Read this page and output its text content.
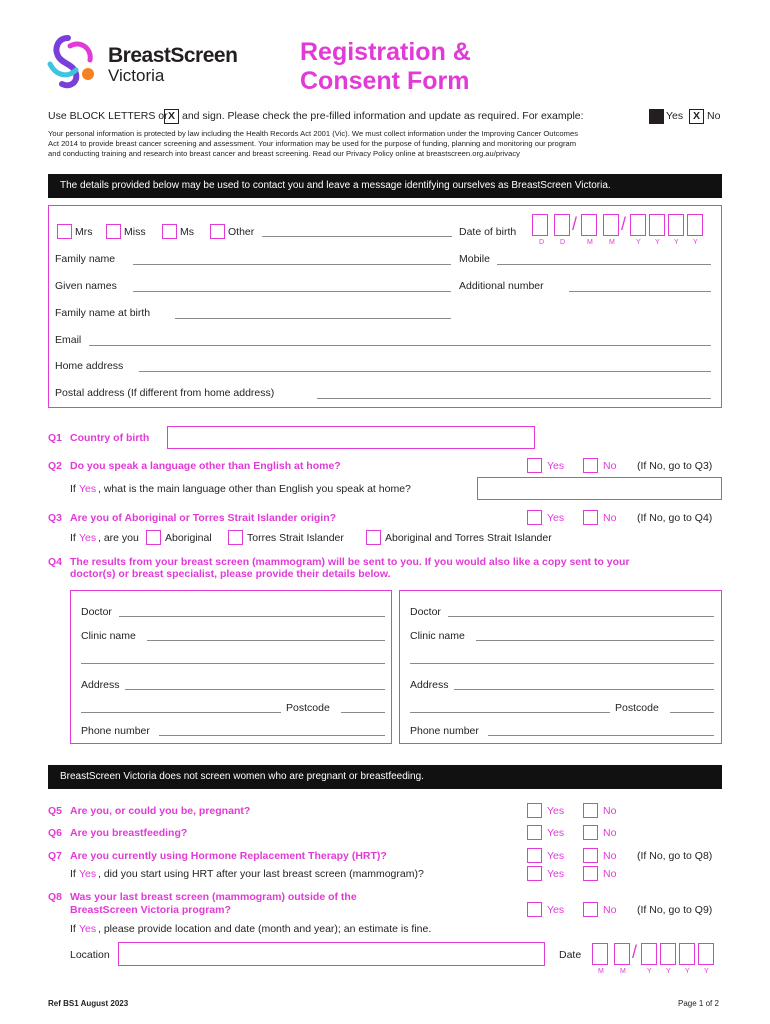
BreastScreen
Victoria
Registration &
Consent Form
Use BLOCK LETTERS or X and sign. Please check the pre-filled information and update as required. For example:	Yes X No
Your personal information is protected by law including the Health Records Act 2001 (Vic). We must collect information under the Improving Cancer Outcomes
Act 2014 to provide breast cancer screening and assessment. Your information may be used for the purpose of funding, planning and monitoring our program
and conducting training and research into breast cancer and breast screening. Read our Privacy Policy online at breastscreen.org.au/privacy
The details provided below may be used to contact you and leave a message identifying ourselves as BreastScreen Victoria.
Mrs	Miss	Ms	Other	Date of birth	/ /
D D	M M	Y Y Y Y
Family name	Mobile
Given names	Additional number
Family name at birth
Email
Home address
Postal address (If different from home address)
Q1 Country of birth
Q2 Do you speak a language other than English at home?	Yes	No (If No, go to Q3)
If Yes , what is the main language other than English you speak at home?
Q3 Are you of Aboriginal or Torres Strait Islander origin?	Yes	No (If No, go to Q4)
If Yes , are you Aboriginal	Torres Strait Islander	Aboriginal and Torres Strait Islander
Q4 The results from your breast screen (mammogram) will be sent to you. If you would also like a copy sent to your
doctor(s) or breast specialist, please provide their details below.
Doctor
Clinic name
Address
Postcode
Phone number
Doctor
Clinic name
Address
Postcode
Phone number
BreastScreen Victoria does not screen women who are pregnant or breastfeeding.
Q5 Are you, or could you be, pregnant?	Yes	No
Q6 Are you breastfeeding?	Yes	No
Q7 Are you currently using Hormone Replacement Therapy (HRT)?	Yes	No (If No, go to Q8)
If Yes , did you start using HRT after your last breast screen (mammogram)?	Yes	No
Q8 Was your last breast screen (mammogram) outside of the
BreastScreen Victoria program?	Yes	No (If No, go to Q9)
If Yes , please provide location and date (month and year); an estimate is fine.
Location	Date	/
M M	Y Y Y Y
Ref BS1 August 2023	Page 1 of 2
